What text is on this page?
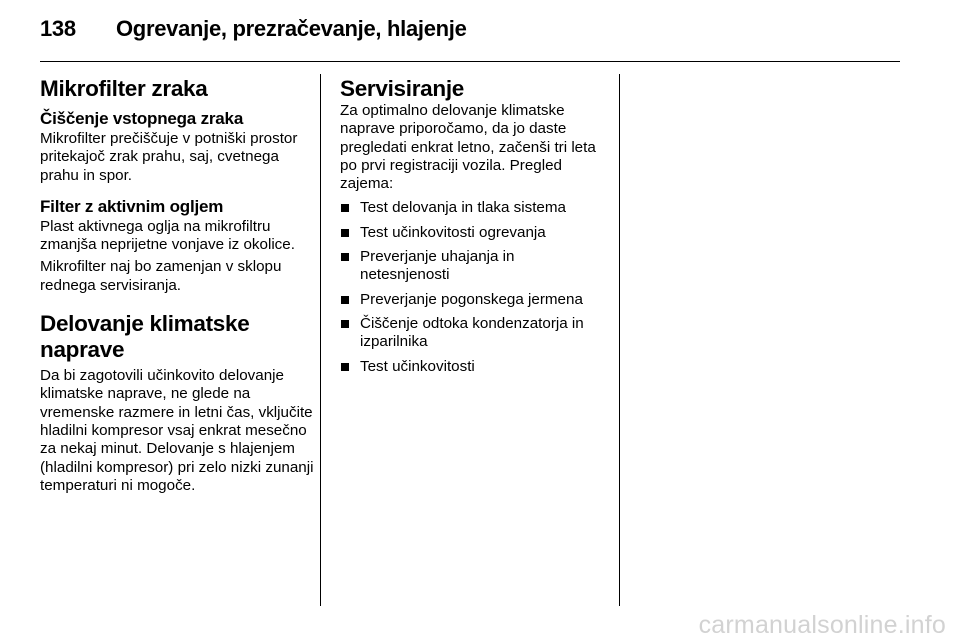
138 Ogrevanje, prezračevanje, hlajenje
Mikrofilter zraka
Čiščenje vstopnega zraka

Mikrofilter prečiščuje v potniški prostor pritekajoč zrak prahu, saj, cvetnega prahu in spor.

Filter z aktivnim ogljem

Plast aktivnega oglja na mikrofiltru zmanjša neprijetne vonjave iz okolice.

Mikrofilter naj bo zamenjan v sklopu rednega servisiranja.

Delovanje klimatske naprave

Da bi zagotovili učinkovito delovanje klimatske naprave, ne glede na vremenske razmere in letni čas, vključite hladilni kompresor vsaj enkrat mesečno za nekaj minut. Delovanje s hlajenjem (hladilni kompresor) pri zelo nizki zunanji temperaturi ni mogoče.

Servisiranje

Za optimalno delovanje klimatske naprave priporočamo, da jo daste pregledati enkrat letno, začenši tri leta po prvi registraciji vozila. Pregled zajema:

Test delovanja in tlaka sistema
Test učinkovitosti ogrevanja
Preverjanje uhajanja in netesnjenosti
Preverjanje pogonskega jermena
Čiščenje odtoka kondenzatorja in izparilnika
Test učinkovitosti
carmanualsonline.info
